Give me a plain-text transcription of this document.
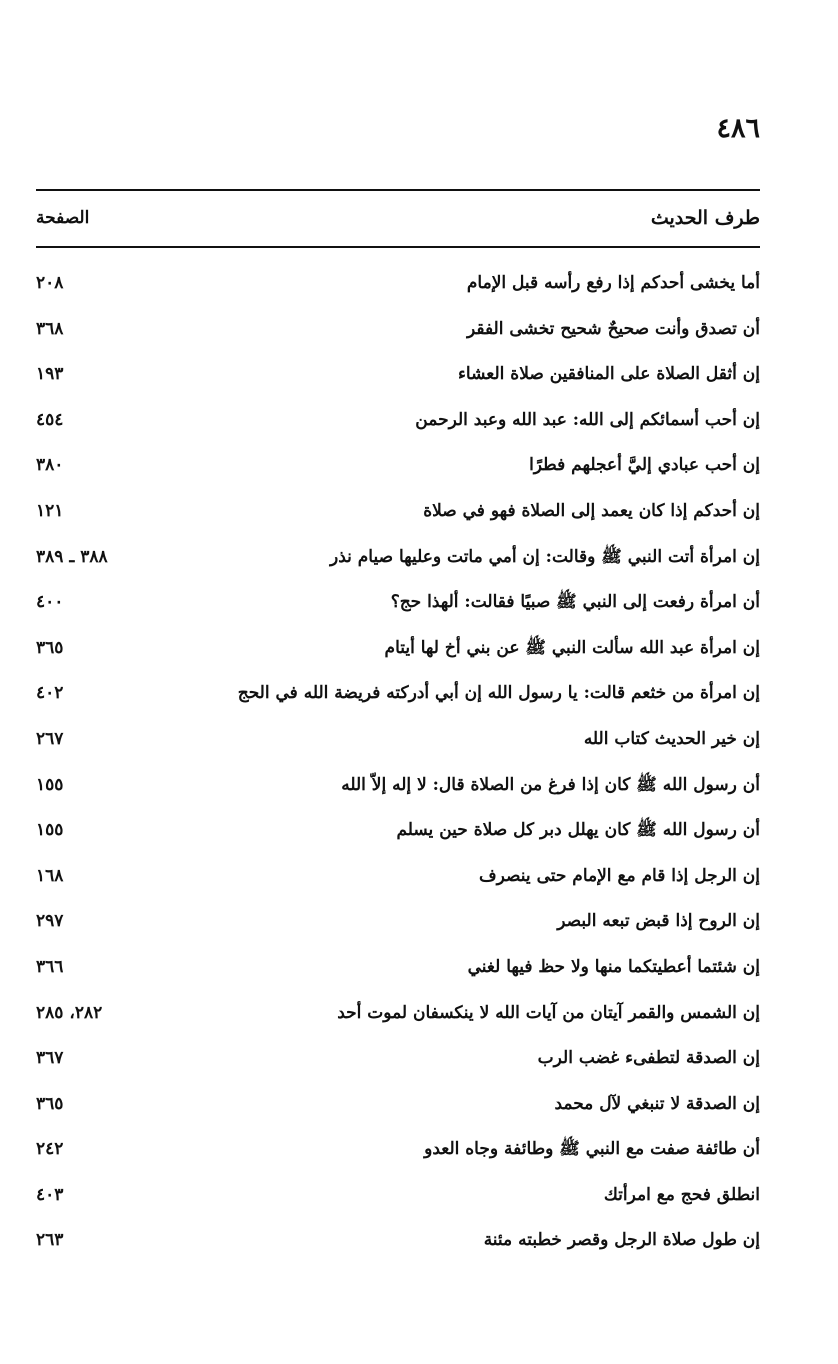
٤٨٦
طرف الحديث
الصفحة
أما يخشى أحدكم إذا رفع رأسه قبل الإمام
٢٠٨
أن تصدق وأنت صحيحٌ شحيح تخشى الفقر
٣٦٨
إن أثقل الصلاة على المنافقين صلاة العشاء
١٩٣
إن أحب أسمائكم إلى الله: عبد الله وعبد الرحمن
٤٥٤
إن أحب عبادي إليَّ أعجلهم فطرًا
٣٨٠
إن أحدكم إذا كان يعمد إلى الصلاة فهو في صلاة
١٢١
إن امرأة أتت النبي ﷺ وقالت: إن أمي ماتت وعليها صيام نذر
٣٨٨ ـ ٣٨٩
أن امرأة رفعت إلى النبي ﷺ صبيًا فقالت: ألهذا حج؟
٤٠٠
إن امرأة عبد الله سألت النبي ﷺ عن بني أخ لها أيتام
٣٦٥
إن امرأة من خثعم قالت: يا رسول الله إن أبي أدركته فريضة الله في الحج
٤٠٢
إن خير الحديث كتاب الله
٢٦٧
أن رسول الله ﷺ كان إذا فرغ من الصلاة قال: لا إله إلاّ الله
١٥٥
أن رسول الله ﷺ كان يهلل دبر كل صلاة حين يسلم
١٥٥
إن الرجل إذا قام مع الإمام حتى ينصرف
١٦٨
إن الروح إذا قبض تبعه البصر
٢٩٧
إن شئتما أعطيتكما منها ولا حظ فيها لغني
٣٦٦
إن الشمس والقمر آيتان من آيات الله لا ينكسفان لموت أحد
٢٨٢، ٢٨٥
إن الصدقة لتطفىء غضب الرب
٣٦٧
إن الصدقة لا تنبغي لآل محمد
٣٦٥
أن طائفة صفت مع النبي ﷺ وطائفة وجاه العدو
٢٤٢
انطلق فحج مع امرأتك
٤٠٣
إن طول صلاة الرجل وقصر خطبته مئنة
٢٦٣
